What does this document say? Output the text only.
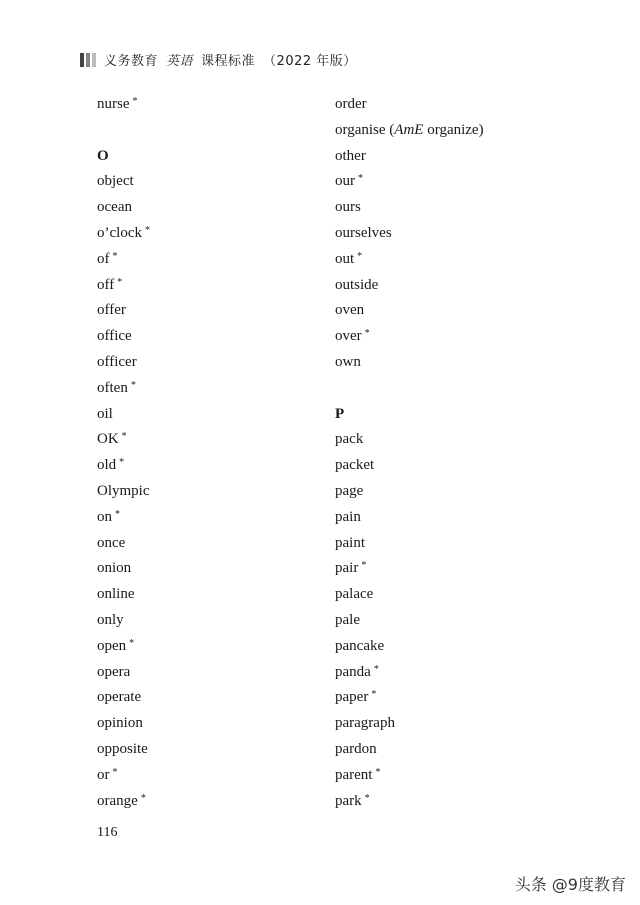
义务教育 英语 课程标准 （2022 年版）
nurse *

O
object
ocean
o’clock *
of *
off *
offer
office
officer
often *
oil
OK *
old *
Olympic
on *
once
onion
online
only
open *
opera
operate
opinion
opposite
or *
orange *
order
organise (AmE organize)
other
our *
ours
ourselves
out *
outside
oven
over *
own

P
pack
packet
page
pain
paint
pair *
palace
pale
pancake
panda *
paper *
paragraph
pardon
parent *
park *
116
头条 @9度教育
